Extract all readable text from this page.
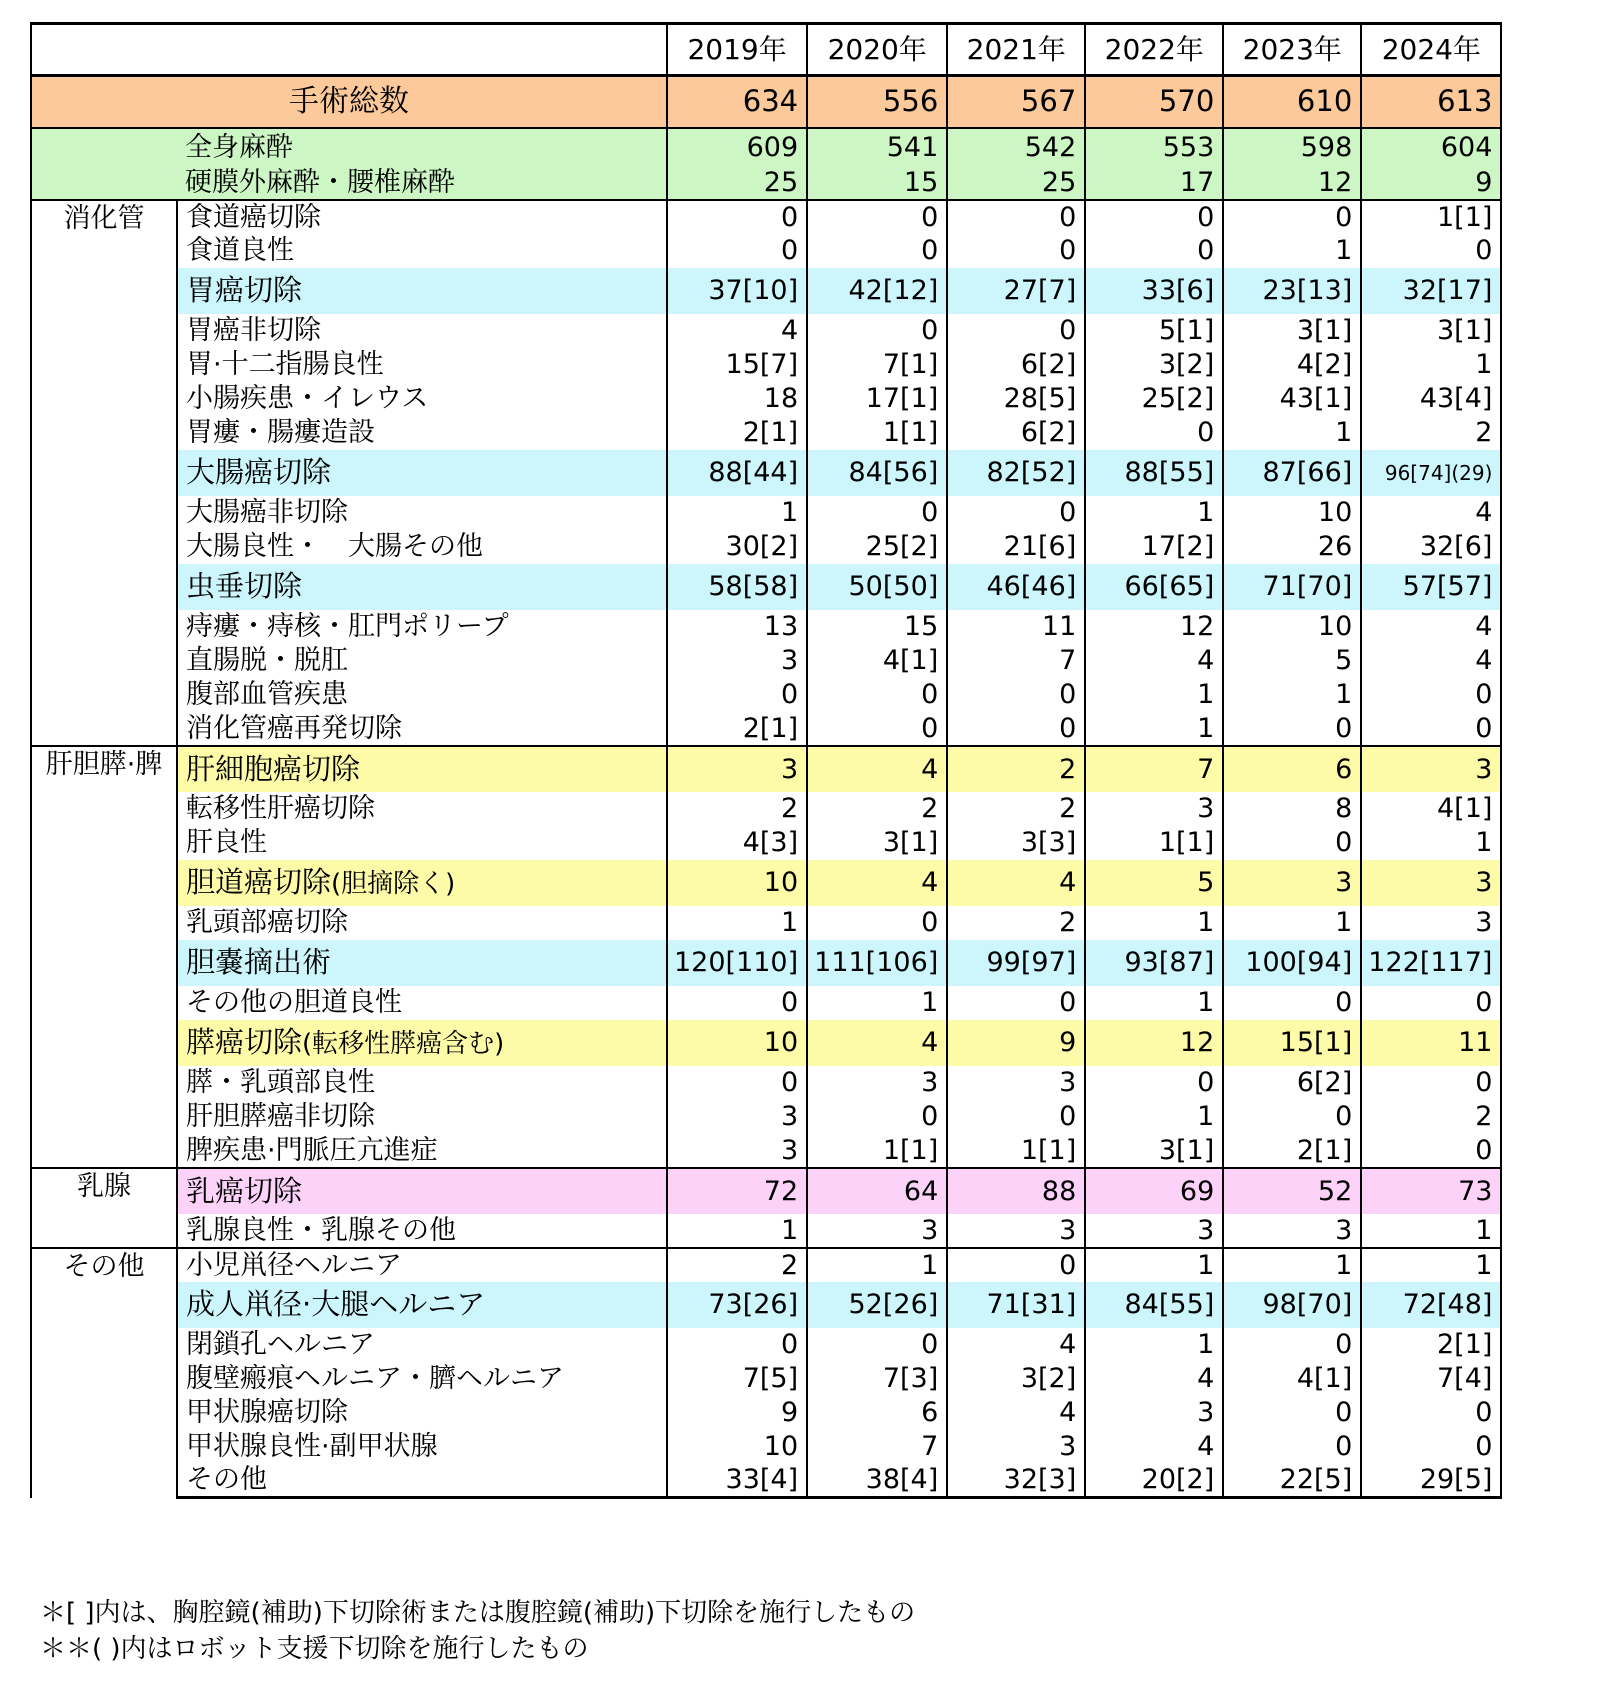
		2019年	2020年	2021年	2022年	2023年	2024年
手術総数		634	556	567	570	610	613
	全身麻酔	609	541	542	553	598	604
	硬膜外麻酔・腰椎麻酔	25	15	25	17	12	9
消化管	食道癌切除	0	0	0	0	0	1[1]
	食道良性	0	0	0	0	1	0
	胃癌切除	37[10]	42[12]	27[7]	33[6]	23[13]	32[17]
	胃癌非切除	4	0	0	5[1]	3[1]	3[1]
	胃·十二指腸良性	15[7]	7[1]	6[2]	3[2]	4[2]	1
	小腸疾患・イレウス	18	17[1]	28[5]	25[2]	43[1]	43[4]
	胃瘻・腸瘻造設	2[1]	1[1]	6[2]	0	1	2
	大腸癌切除	88[44]	84[56]	82[52]	88[55]	87[66]	96[74](29)
	大腸癌非切除	1	0	0	1	10	4
	大腸良性・　大腸その他	30[2]	25[2]	21[6]	17[2]	26	32[6]
	虫垂切除	58[58]	50[50]	46[46]	66[65]	71[70]	57[57]
	痔瘻・痔核・肛門ポリープ	13	15	11	12	10	4
	直腸脱・脱肛	3	4[1]	7	4	5	4
	腹部血管疾患	0	0	0	1	1	0
	消化管癌再発切除	2[1]	0	0	1	0	0
肝胆膵·脾	肝細胞癌切除	3	4	2	7	6	3
	転移性肝癌切除	2	2	2	3	8	4[1]
	肝良性	4[3]	3[1]	3[3]	1[1]	0	1
	胆道癌切除(胆摘除く)	10	4	4	5	3	3
	乳頭部癌切除	1	0	2	1	1	3
	胆嚢摘出術	120[110]	111[106]	99[97]	93[87]	100[94]	122[117]
	その他の胆道良性	0	1	0	1	0	0
	膵癌切除(転移性膵癌含む)	10	4	9	12	15[1]	11
	膵・乳頭部良性	0	3	3	0	6[2]	0
	肝胆膵癌非切除	3	0	0	1	0	2
	脾疾患·門脈圧亢進症	3	1[1]	1[1]	3[1]	2[1]	0
乳腺	乳癌切除	72	64	88	69	52	73
	乳腺良性・乳腺その他	1	3	3	3	3	1
その他	小児鼡径ヘルニア	2	1	0	1	1	1
	成人鼡径·大腿ヘルニア	73[26]	52[26]	71[31]	84[55]	98[70]	72[48]
	閉鎖孔ヘルニア	0	0	4	1	0	2[1]
	腹壁瘢痕ヘルニア・臍ヘルニア	7[5]	7[3]	3[2]	4	4[1]	7[4]
	甲状腺癌切除	9	6	4	3	0	0
	甲状腺良性·副甲状腺	10	7	3	4	0	0
	その他	33[4]	38[4]	32[3]	20[2]	22[5]	29[5]
＊[ ]内は、胸腔鏡(補助)下切除術または腹腔鏡(補助)下切除を施行したもの
＊＊( )内はロボット支援下切除を施行したもの
